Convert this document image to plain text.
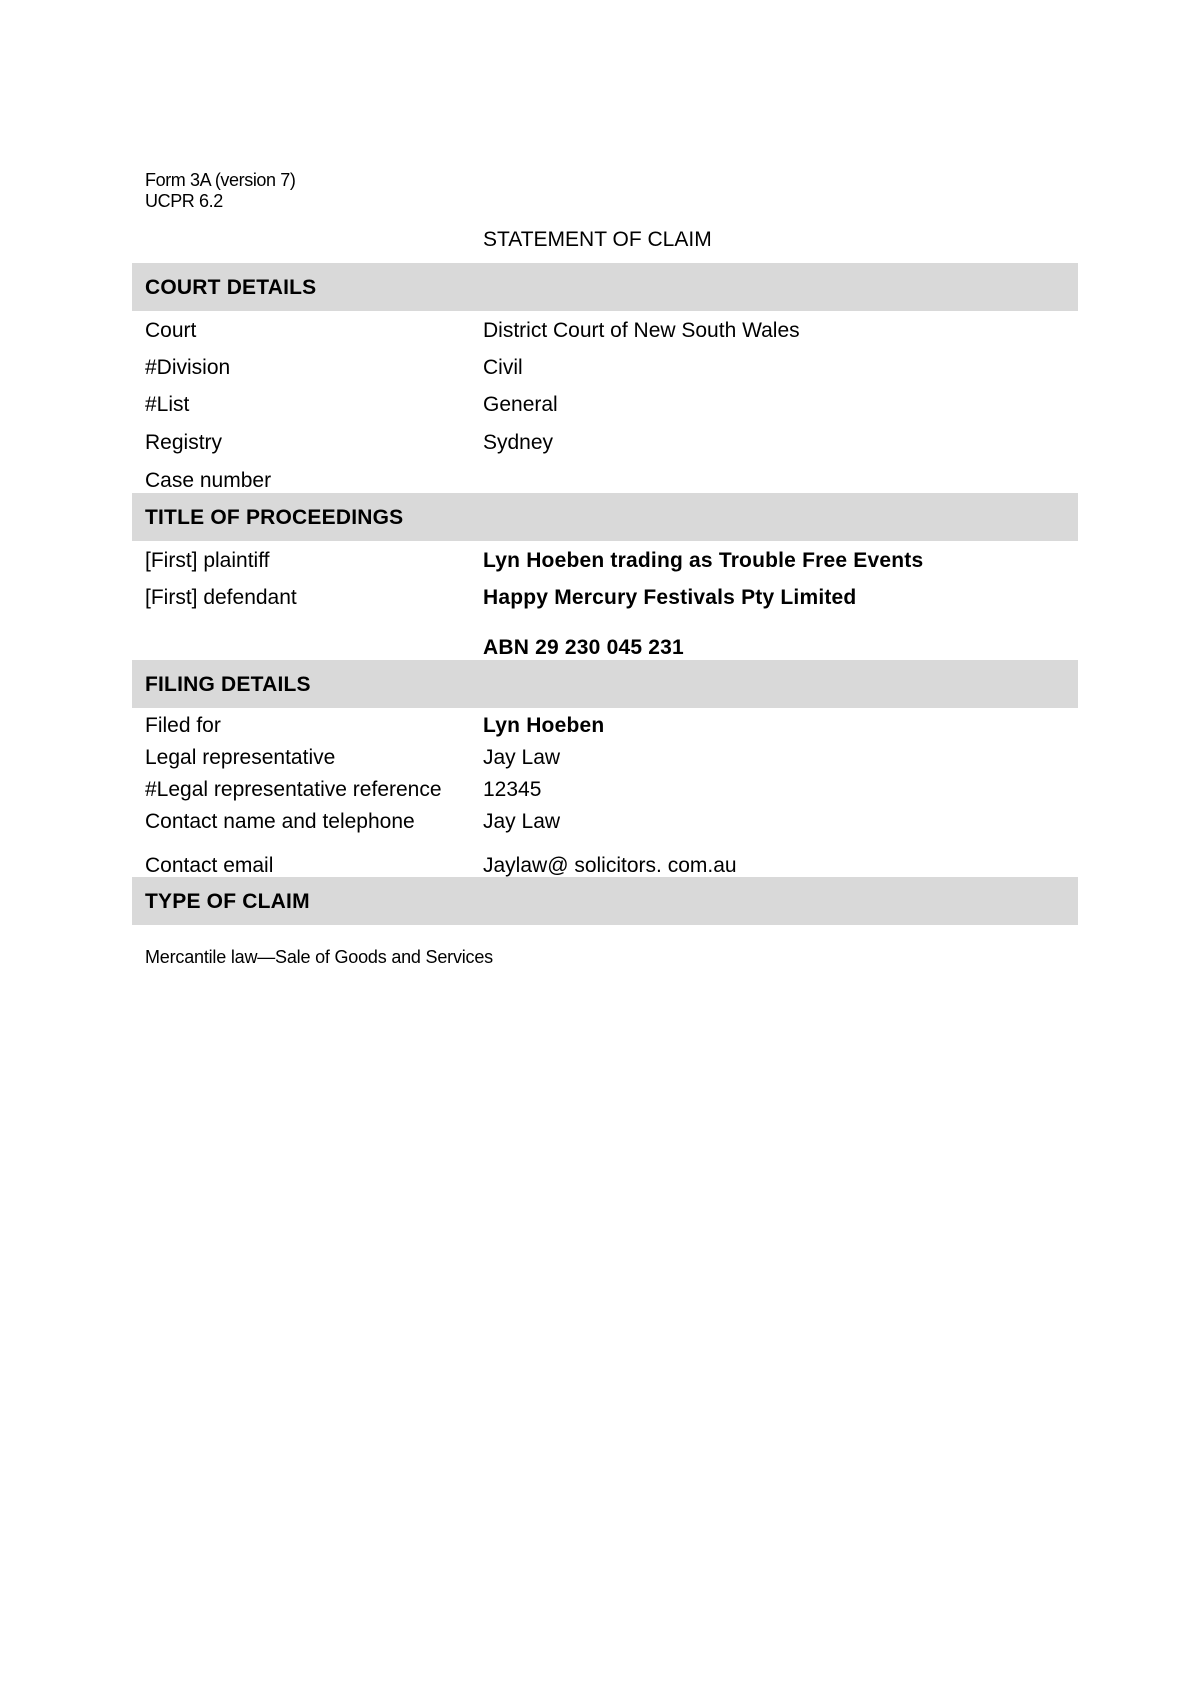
Form 3A (version 7)
UCPR 6.2
STATEMENT OF CLAIM
COURT DETAILS
Court	District Court of New South Wales
#Division	Civil
#List	General
Registry	Sydney
Case number
TITLE OF PROCEEDINGS
[First] plaintiff	Lyn Hoeben trading as Trouble Free Events
[First] defendant	Happy Mercury Festivals Pty Limited
ABN 29 230 045 231
FILING DETAILS
Filed for	Lyn Hoeben
Legal representative	Jay Law
#Legal representative reference 12345
Contact name and telephone	Jay Law
Contact email	Jaylaw@ solicitors. com.au
TYPE OF CLAIM
Mercantile law—Sale of Goods and Services
